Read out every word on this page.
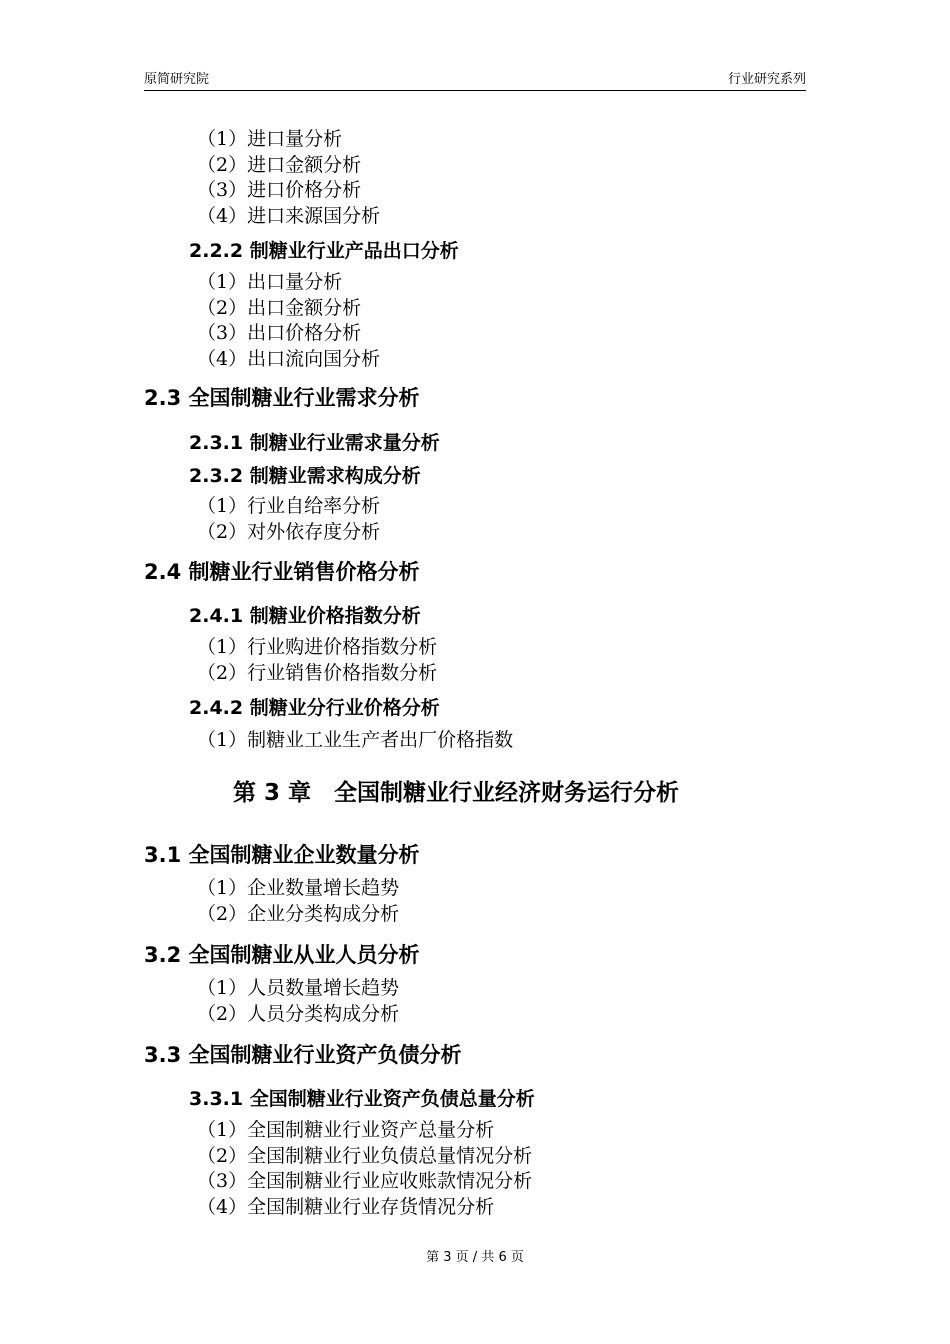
原简研究院	行业研究系列
（1）进口量分析
（2）进口金额分析
（3）进口价格分析
（4）进口来源国分析
2.2.2 制糖业行业产品出口分析
（1）出口量分析
（2）出口金额分析
（3）出口价格分析
（4）出口流向国分析
2.3 全国制糖业行业需求分析
2.3.1 制糖业行业需求量分析
2.3.2 制糖业需求构成分析
（1）行业自给率分析
（2）对外依存度分析
2.4 制糖业行业销售价格分析
2.4.1 制糖业价格指数分析
（1）行业购进价格指数分析
（2）行业销售价格指数分析
2.4.2 制糖业分行业价格分析
（1）制糖业工业生产者出厂价格指数
第 3 章　全国制糖业行业经济财务运行分析
3.1 全国制糖业企业数量分析
（1）企业数量增长趋势
（2）企业分类构成分析
3.2 全国制糖业从业人员分析
（1）人员数量增长趋势
（2）人员分类构成分析
3.3 全国制糖业行业资产负债分析
3.3.1 全国制糖业行业资产负债总量分析
（1）全国制糖业行业资产总量分析
（2）全国制糖业行业负债总量情况分析
（3）全国制糖业行业应收账款情况分析
（4）全国制糖业行业存货情况分析
第 3 页 / 共 6 页
